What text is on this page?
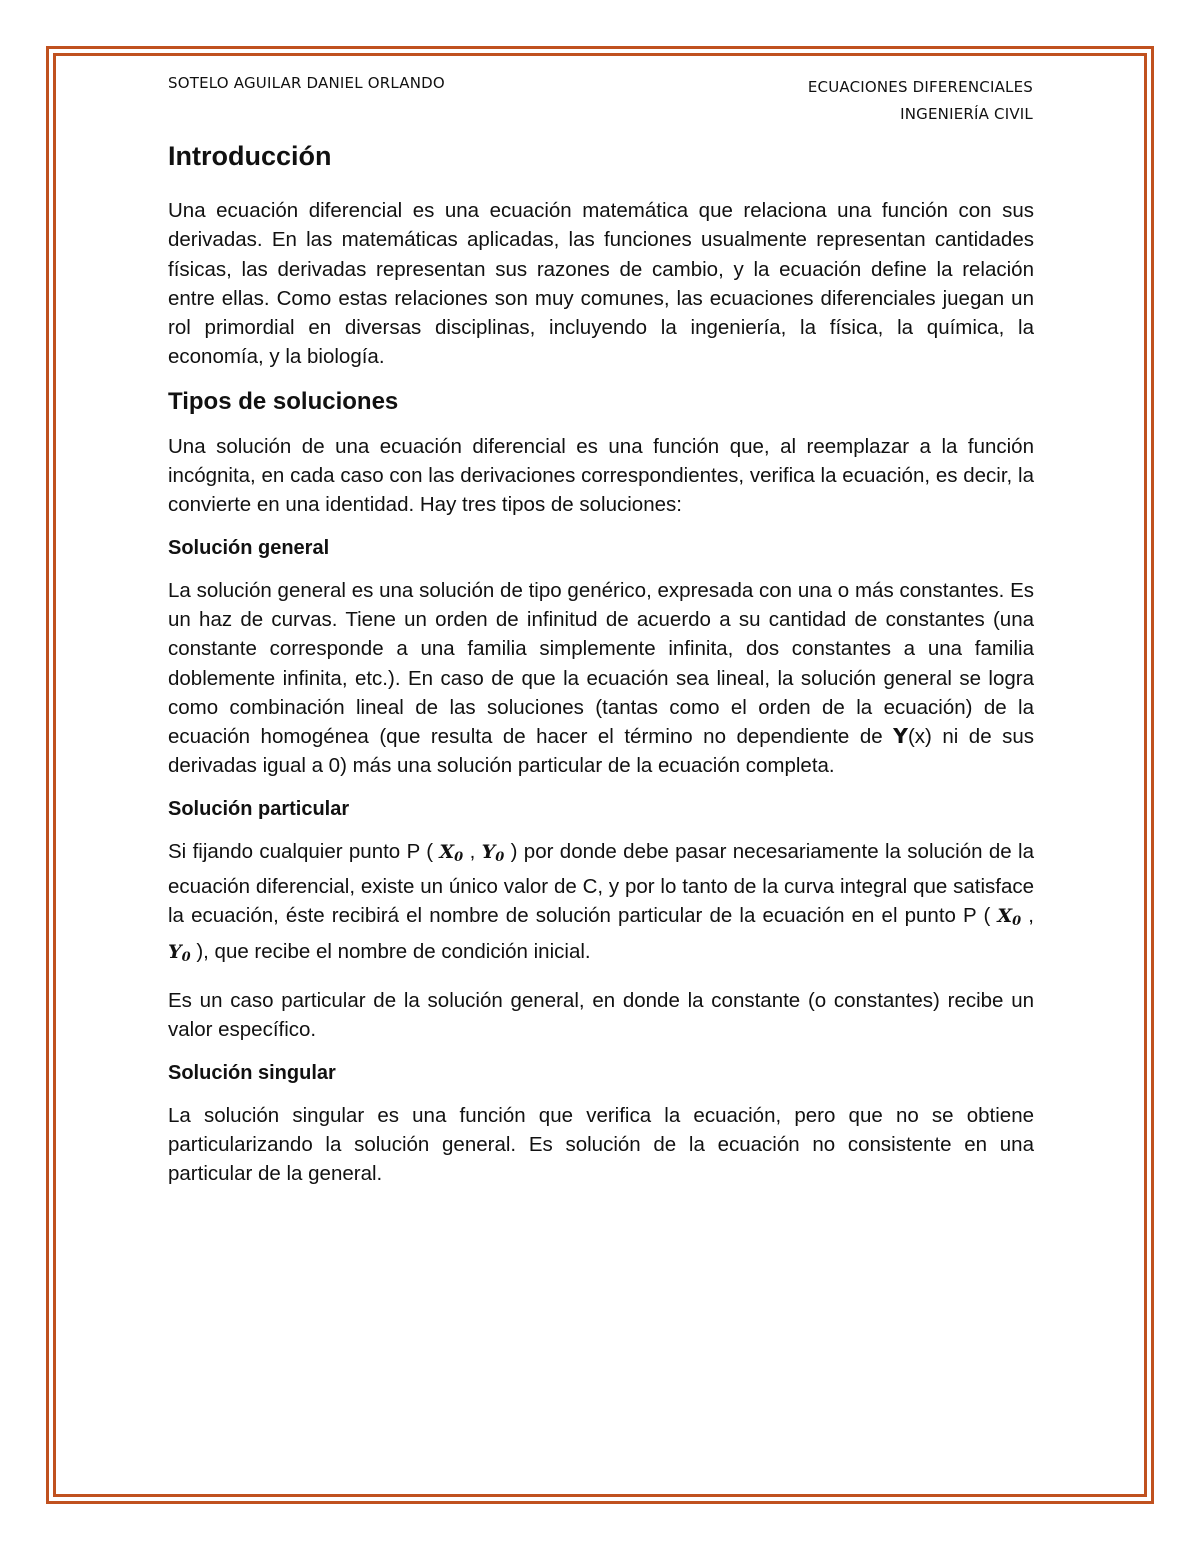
SOTELO AGUILAR DANIEL ORLANDO	ECUACIONES DIFERENCIALES
INGENIERÍA CIVIL
Introducción

Una ecuación diferencial es una ecuación matemática que relaciona una función con sus derivadas. En las matemáticas aplicadas, las funciones usualmente representan cantidades físicas, las derivadas representan sus razones de cambio, y la ecuación define la relación entre ellas. Como estas relaciones son muy comunes, las ecuaciones diferenciales juegan un rol primordial en diversas disciplinas, incluyendo la ingeniería, la física, la química, la economía, y la biología.

Tipos de soluciones

Una solución de una ecuación diferencial es una función que, al reemplazar a la función incógnita, en cada caso con las derivaciones correspondientes, verifica la ecuación, es decir, la convierte en una identidad. Hay tres tipos de soluciones:

Solución general

La solución general es una solución de tipo genérico, expresada con una o más constantes. Es un haz de curvas. Tiene un orden de infinitud de acuerdo a su cantidad de constantes (una constante corresponde a una familia simplemente infinita, dos constantes a una familia doblemente infinita, etc.). En caso de que la ecuación sea lineal, la solución general se logra como combinación lineal de las soluciones (tantas como el orden de la ecuación) de la ecuación homogénea (que resulta de hacer el término no dependiente de Y(x) ni de sus derivadas igual a 0) más una solución particular de la ecuación completa.

Solución particular

Si fijando cualquier punto P ( $X_0$ , $Y_0$ ) por donde debe pasar necesariamente la solución de la ecuación diferencial, existe un único valor de C, y por lo tanto de la curva integral que satisface la ecuación, éste recibirá el nombre de solución particular de la ecuación en el punto P ( $X_0$ , $Y_0$ ), que recibe el nombre de condición inicial.

Es un caso particular de la solución general, en donde la constante (o constantes) recibe un valor específico.

Solución singular

La solución singular es una función que verifica la ecuación, pero que no se obtiene particularizando la solución general. Es solución de la ecuación no consistente en una particular de la general.
